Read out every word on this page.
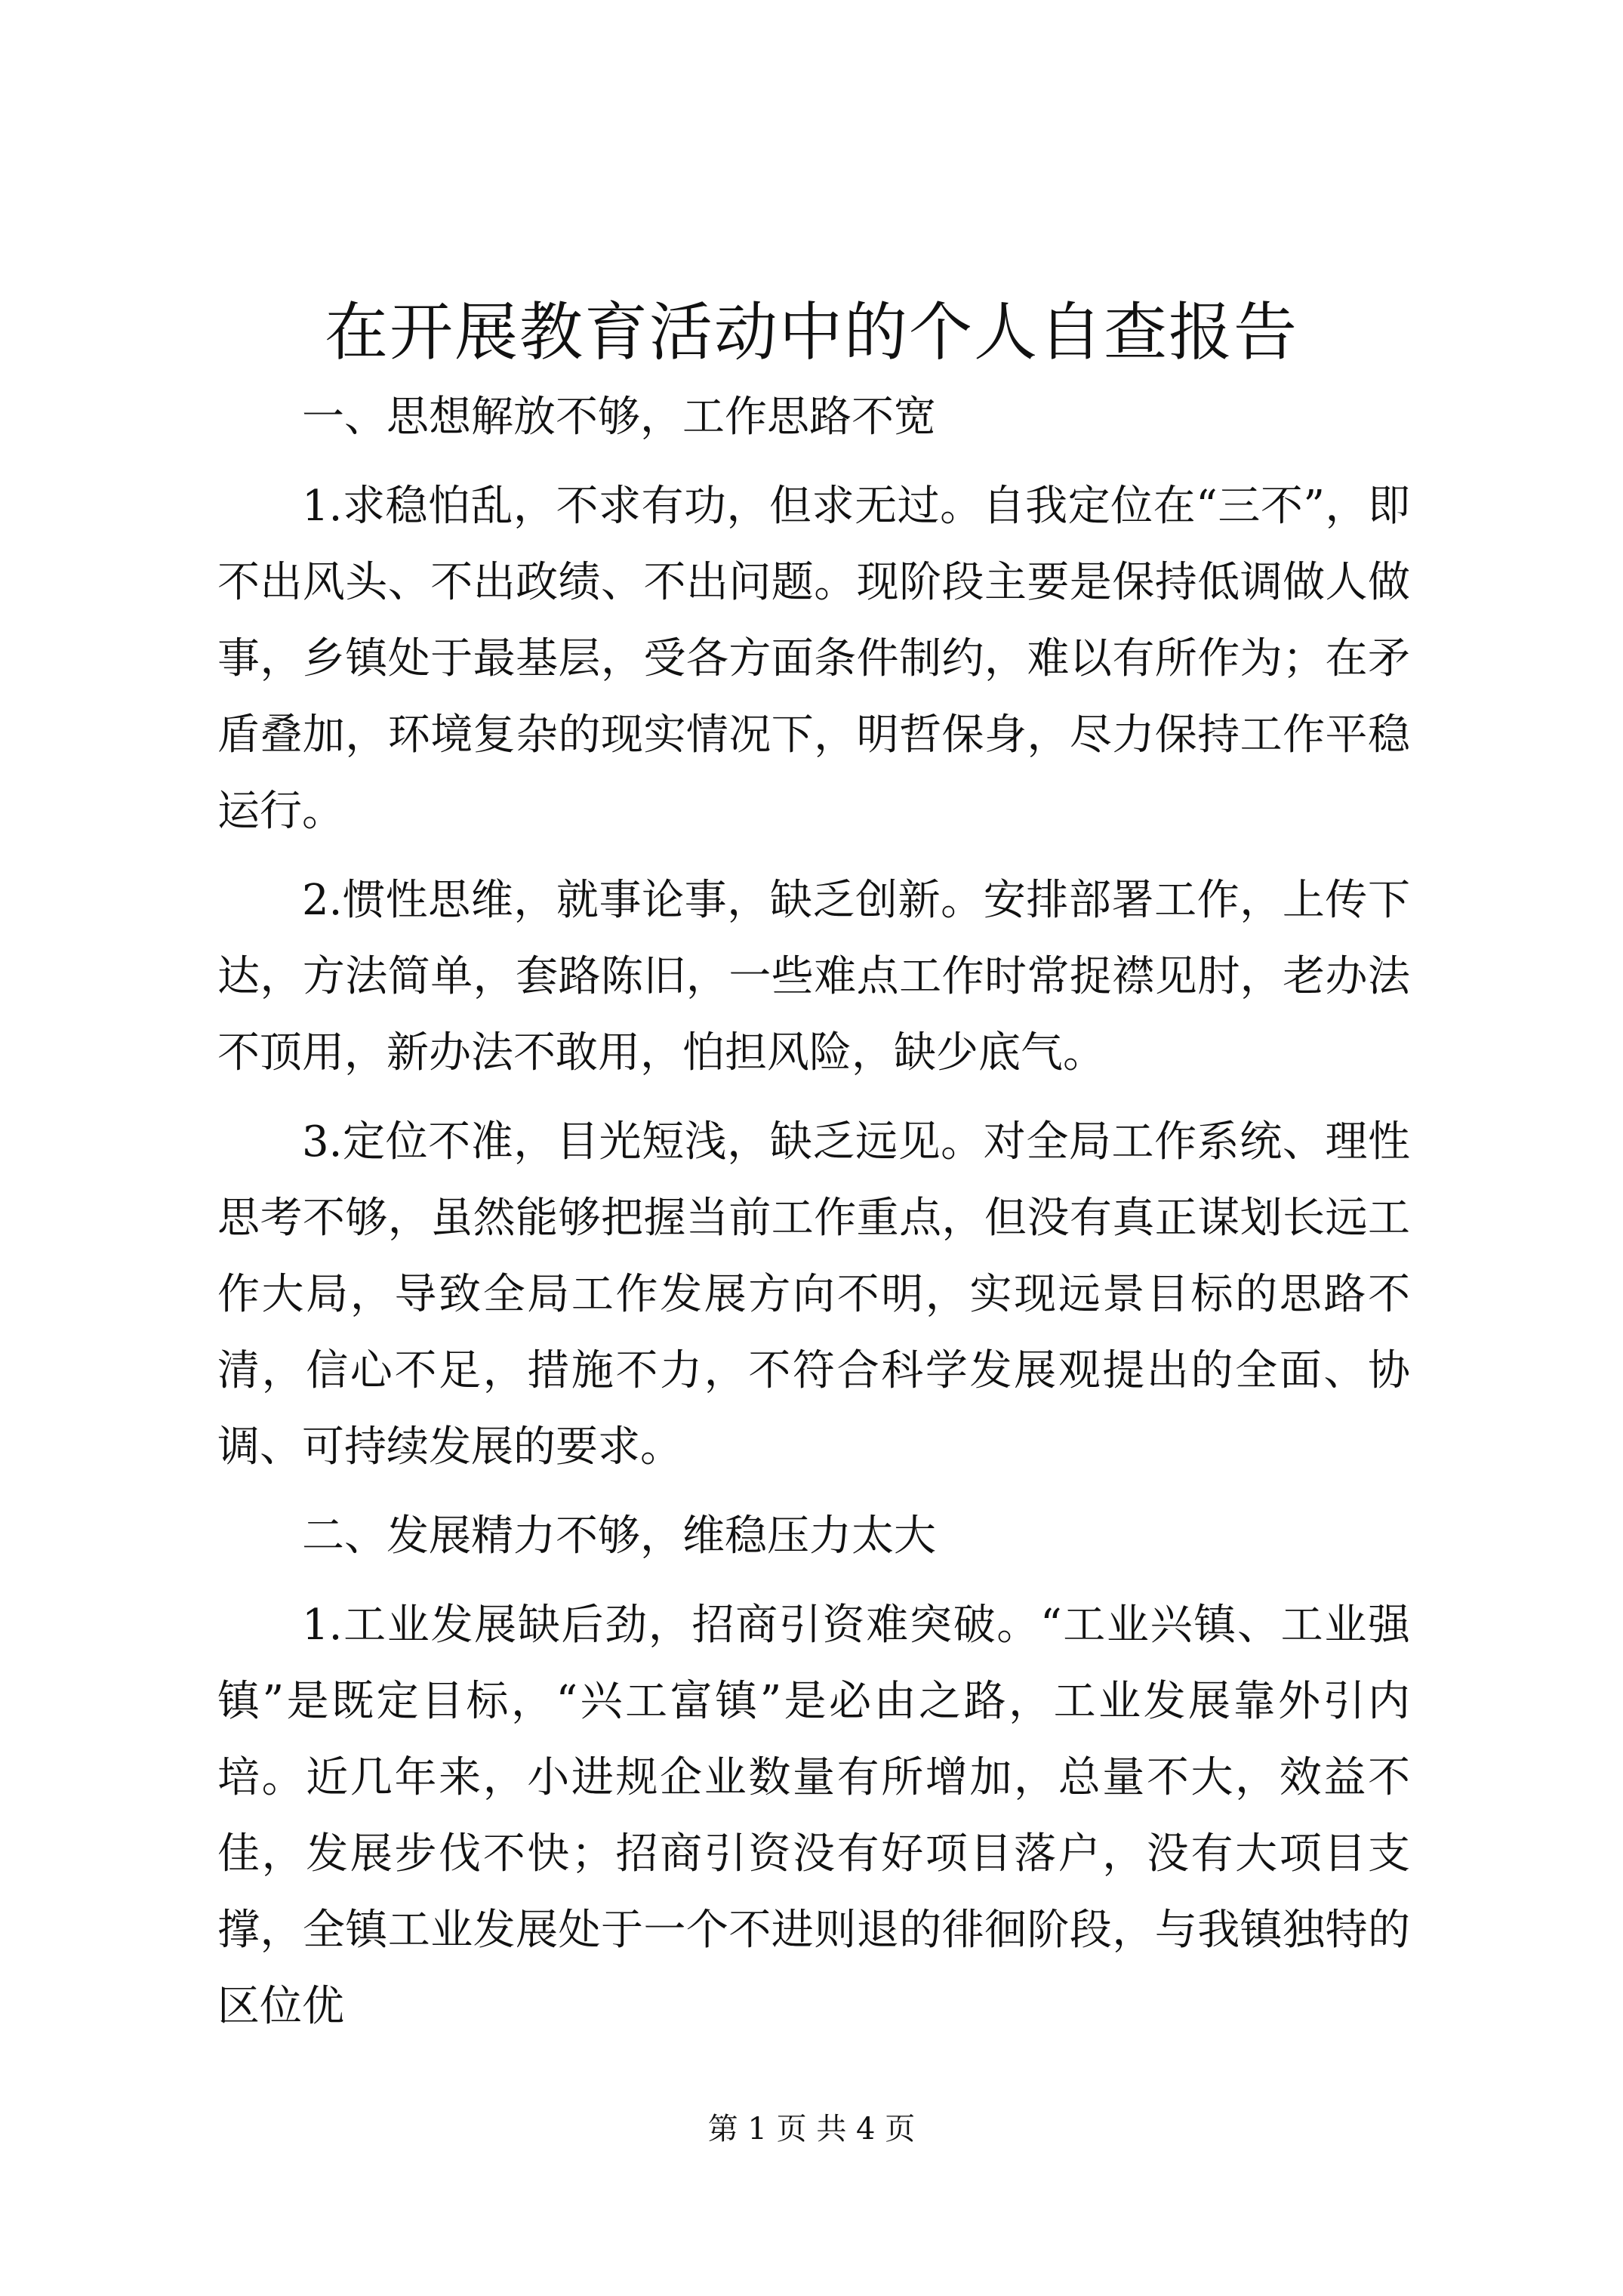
在开展教育活动中的个人自查报告

一、思想解放不够，工作思路不宽

1.求稳怕乱，不求有功，但求无过。自我定位在“三不”，即不出风头、不出政绩、不出问题。现阶段主要是保持低调做人做事，乡镇处于最基层，受各方面条件制约，难以有所作为；在矛盾叠加，环境复杂的现实情况下，明哲保身，尽力保持工作平稳运行。

2.惯性思维，就事论事，缺乏创新。安排部署工作，上传下达，方法简单，套路陈旧，一些难点工作时常捉襟见肘，老办法不顶用，新办法不敢用，怕担风险，缺少底气。

3.定位不准，目光短浅，缺乏远见。对全局工作系统、理性思考不够，虽然能够把握当前工作重点，但没有真正谋划长远工作大局，导致全局工作发展方向不明，实现远景目标的思路不清，信心不足，措施不力，不符合科学发展观提出的全面、协调、可持续发展的要求。

二、发展精力不够，维稳压力太大

1.工业发展缺后劲，招商引资难突破。“工业兴镇、工业强镇”是既定目标，“兴工富镇”是必由之路，工业发展靠外引内培。近几年来，小进规企业数量有所增加，总量不大，效益不佳，发展步伐不快；招商引资没有好项目落户，没有大项目支撑，全镇工业发展处于一个不进则退的徘徊阶段，与我镇独特的区位优

第 1 页 共 4 页
